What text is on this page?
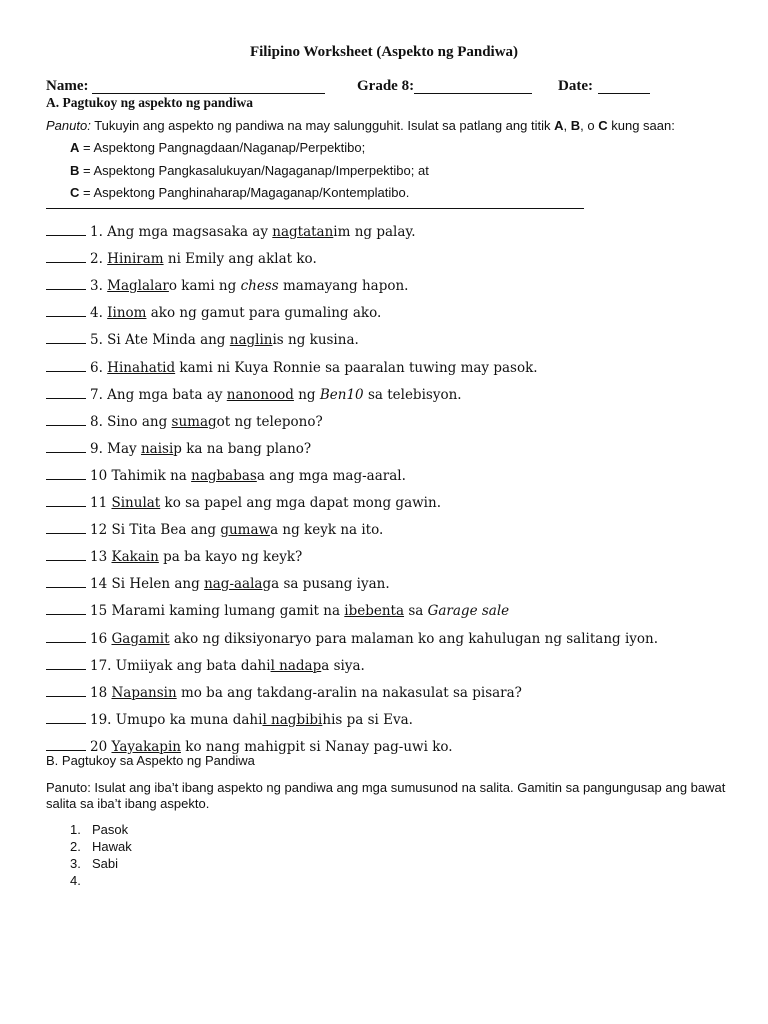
Filipino Worksheet (Aspekto ng Pandiwa)
Name:	Grade 8:	Date:
A. Pagtukoy ng aspekto ng pandiwa
Panuto: Tukuyin ang aspekto ng pandiwa na may salungguhit. Isulat sa patlang ang titik A, B, o C kung saan:
A = Aspektong Pangnagdaan/Naganap/Perpektibo;
B = Aspektong Pangkasalukuyan/Nagaganap/Imperpektibo; at
C = Aspektong Panghinaharap/Magaganap/Kontemplatibo.
1. Ang mga magsasaka ay nagtatan im ng palay.
2. Hiniram ni Emily ang aklat ko.
3. Maglalar o kami ng chess mamayang hapon.
4. Iinom ako ng gamut para gumaling ako.
5. Si Ate Minda ang naglin is ng kusina.
6. Hinahatid kami ni Kuya Ronnie sa paaralan tuwing may pasok.
7. Ang mga bata ay nanonood ng Ben10 sa telebisyon.
8. Sino ang sumag ot ng telepono?
9. May naisi p ka na bang plano?
10 Tahimik na nagbabas a ang mga mag-aaral.
11 Sinulat ko sa papel ang mga dapat mong gawin.
12 Si Tita Bea ang gumaw a ng keyk na ito.
13 Kakain pa ba kayo ng keyk?
14 Si Helen ang nag-aala ga sa pusang iyan.
15 Marami kaming lumang gamit na ibebenta sa Garage sale
16 Gagamit ako ng diksiyonaryo para malaman ko ang kahulugan ng salitang iyon.
17. Umiiyak ang bata dahi l nadap a siya.
18 Napansin mo ba ang takdang-aralin na nakasulat sa pisara?
19. Umupo ka muna dahi l nagbibi his pa si Eva.
20 Yayakapin ko nang mahigpit si Nanay pag-uwi ko.
B. Pagtukoy sa Aspekto ng Pandiwa
Panuto: Isulat ang iba’t ibang aspekto ng pandiwa ang mga sumusunod na salita. Gamitin sa pangungusap ang bawat
salita sa iba’t ibang aspekto.
1. Pasok
2. Hawak
3. Sabi
4.
